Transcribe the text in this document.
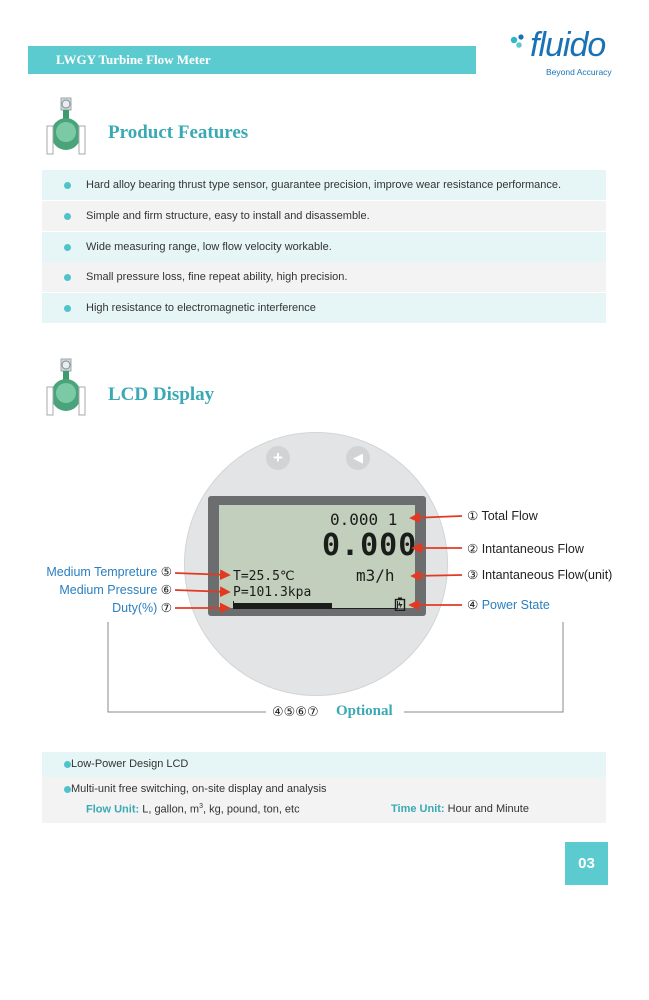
LWGY Turbine Flow Meter	fluido
Beyond Accuracy
Product Features
Hard alloy bearing thrust type sensor, guarantee precision, improve wear resistance performance.
Simple and firm structure, easy to install and disassemble.
Wide measuring range, low flow velocity workable.
Small pressure loss, fine repeat ability, high precision.
High resistance to electromagnetic interference
LCD Display
+	◀
0.000 1
0.000
m3/h
T=25.5℃
P=101.3kpa
① Total Flow
② Intantaneous Flow
③ Intantaneous Flow(unit)
④ Power State
Medium Tempreture ⑤
Medium Pressure ⑥
Duty(%) ⑦
④⑤⑥⑦ Optional
Low-Power Design LCD
Multi-unit free switching, on-site display and analysis
Flow Unit: L, gallon, $m^3$, kg, pound, ton, etc	Time Unit: Hour and Minute
03
